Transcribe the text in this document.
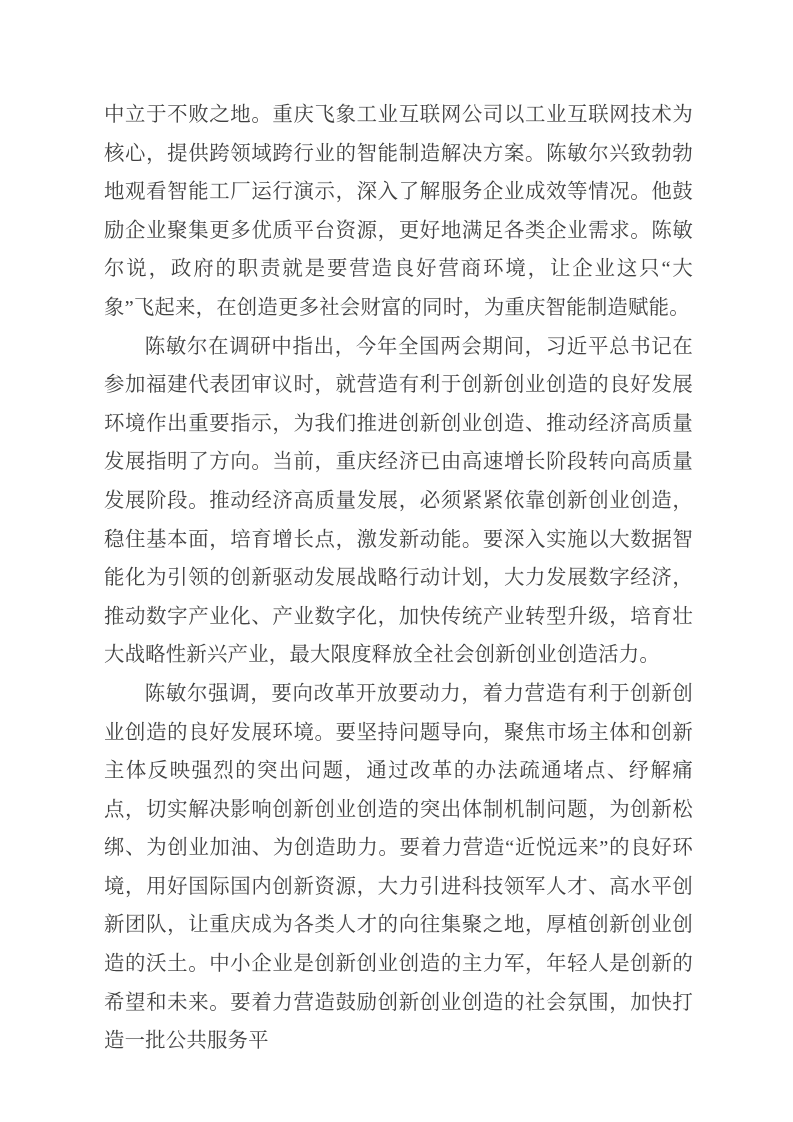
中立于不败之地。重庆飞象工业互联网公司以工业互联网技术为核心，提供跨领域跨行业的智能制造解决方案。陈敏尔兴致勃勃地观看智能工厂运行演示，深入了解服务企业成效等情况。他鼓励企业聚集更多优质平台资源，更好地满足各类企业需求。陈敏尔说，政府的职责就是要营造良好营商环境，让企业这只“大象”飞起来，在创造更多社会财富的同时，为重庆智能制造赋能。

陈敏尔在调研中指出，今年全国两会期间，习近平总书记在参加福建代表团审议时，就营造有利于创新创业创造的良好发展环境作出重要指示，为我们推进创新创业创造、推动经济高质量发展指明了方向。当前，重庆经济已由高速增长阶段转向高质量发展阶段。推动经济高质量发展，必须紧紧依靠创新创业创造，稳住基本面，培育增长点，激发新动能。要深入实施以大数据智能化为引领的创新驱动发展战略行动计划，大力发展数字经济，推动数字产业化、产业数字化，加快传统产业转型升级，培育壮大战略性新兴产业，最大限度释放全社会创新创业创造活力。

陈敏尔强调，要向改革开放要动力，着力营造有利于创新创业创造的良好发展环境。要坚持问题导向，聚焦市场主体和创新主体反映强烈的突出问题，通过改革的办法疏通堵点、纾解痛点，切实解决影响创新创业创造的突出体制机制问题，为创新松绑、为创业加油、为创造助力。要着力营造“近悦远来”的良好环境，用好国际国内创新资源，大力引进科技领军人才、高水平创新团队，让重庆成为各类人才的向往集聚之地，厚植创新创业创造的沃土。中小企业是创新创业创造的主力军，年轻人是创新的希望和未来。要着力营造鼓励创新创业创造的社会氛围，加快打造一批公共服务平
